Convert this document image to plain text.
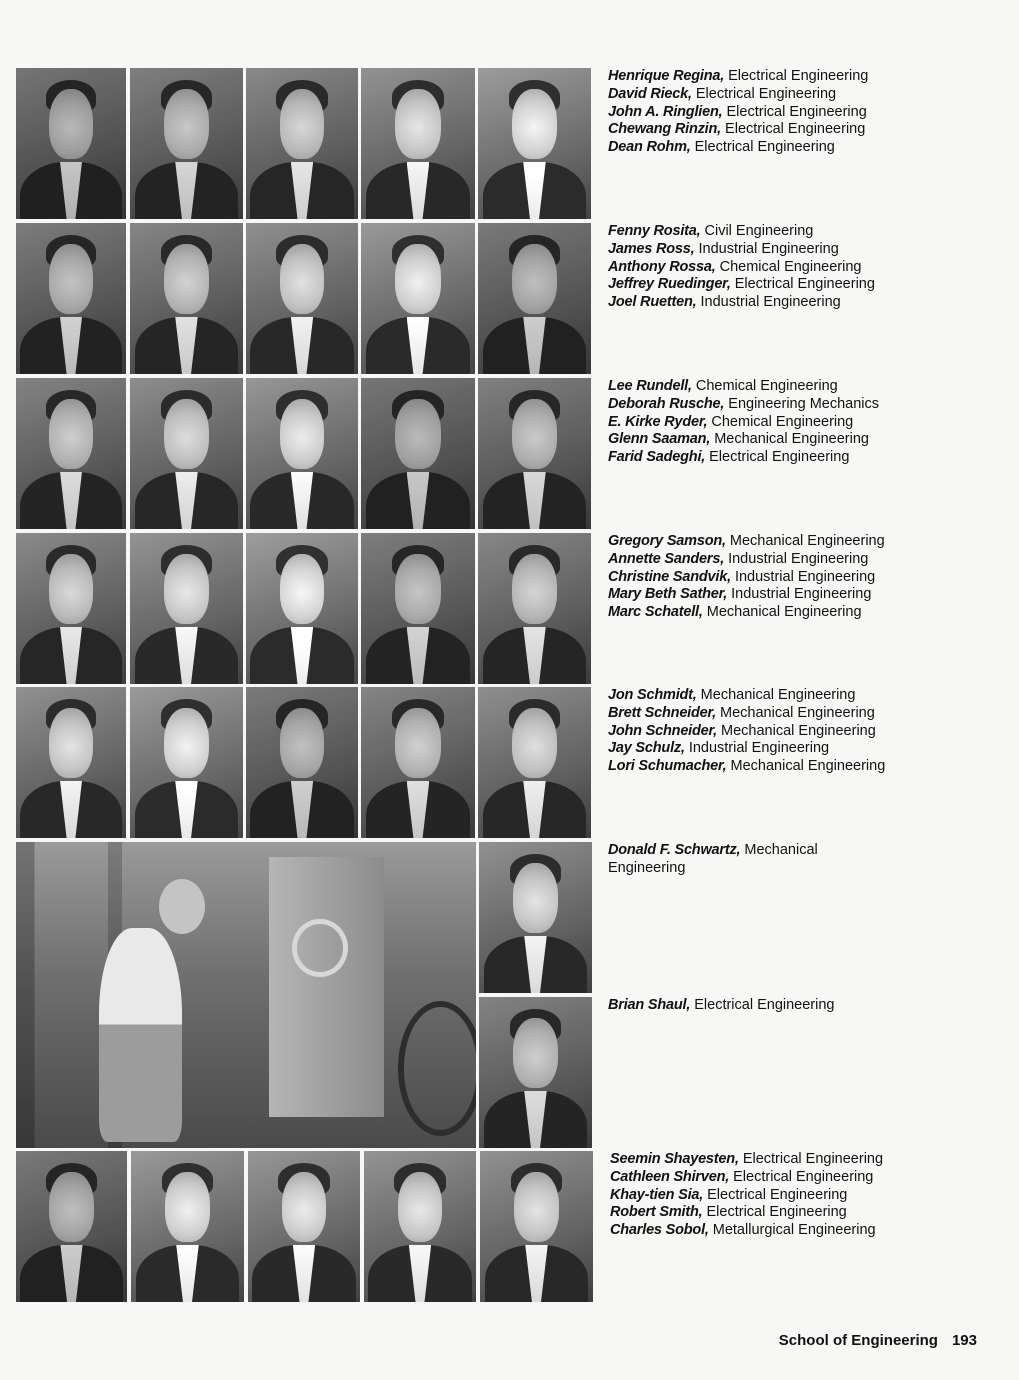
Henrique Regina, Electrical Engineering
David Rieck, Electrical Engineering
John A. Ringlien, Electrical Engineering
Chewang Rinzin, Electrical Engineering
Dean Rohm, Electrical Engineering
Fenny Rosita, Civil Engineering
James Ross, Industrial Engineering
Anthony Rossa, Chemical Engineering
Jeffrey Ruedinger, Electrical Engineering
Joel Ruetten, Industrial Engineering
Lee Rundell, Chemical Engineering
Deborah Rusche, Engineering Mechanics
E. Kirke Ryder, Chemical Engineering
Glenn Saaman, Mechanical Engineering
Farid Sadeghi, Electrical Engineering
Gregory Samson, Mechanical Engineering
Annette Sanders, Industrial Engineering
Christine Sandvik, Industrial Engineering
Mary Beth Sather, Industrial Engineering
Marc Schatell, Mechanical Engineering
Jon Schmidt, Mechanical Engineering
Brett Schneider, Mechanical Engineering
John Schneider, Mechanical Engineering
Jay Schulz, Industrial Engineering
Lori Schumacher, Mechanical Engineering
Donald F. Schwartz, Mechanical
Engineering
Brian Shaul, Electrical Engineering
Seemin Shayesten, Electrical Engineering
Cathleen Shirven, Electrical Engineering
Khay-tien Sia, Electrical Engineering
Robert Smith, Electrical Engineering
Charles Sobol, Metallurgical Engineering
School of Engineering 193
